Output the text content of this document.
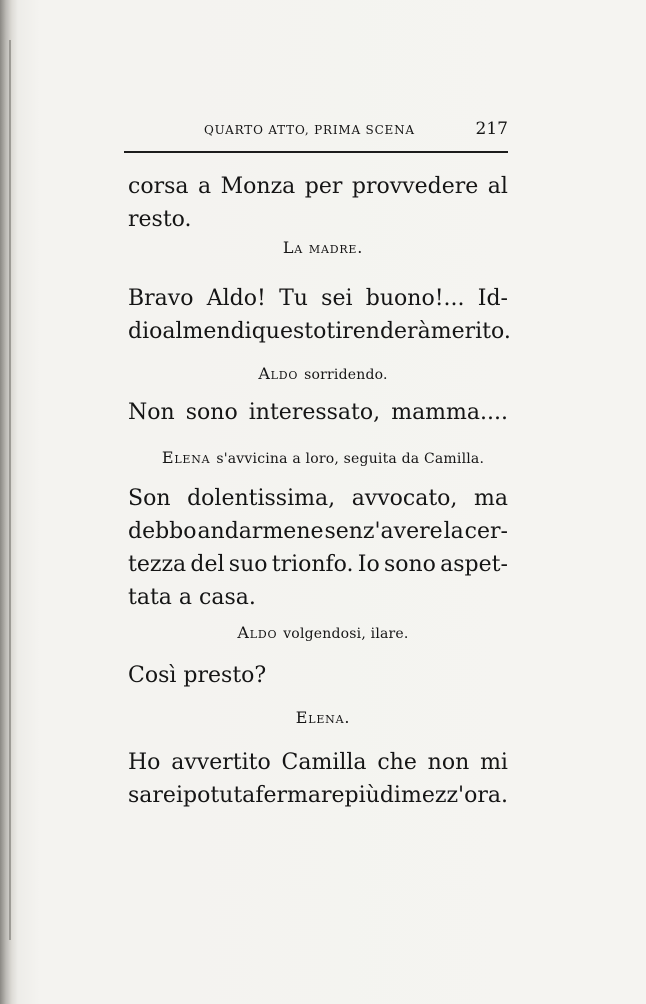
QUARTO ATTO, PRIMA SCENA	217
corsa a Monza per provvedere al
resto.
La madre.
Bravo Aldo! Tu sei buono!... Id-
dio almen di questo ti renderà merito.
Aldo sorridendo.
Non sono interessato, mamma....
Elena s'avvicina a loro, seguita da Camilla.
Son dolentissima, avvocato, ma
debbo andarmene senz'avere la cer-
tezza del suo trionfo. Io sono aspet-
tata a casa.
Aldo volgendosi, ilare.
Così presto?
Elena.
Ho avvertito Camilla che non mi
sarei potuta fermare più di mezz'ora.
